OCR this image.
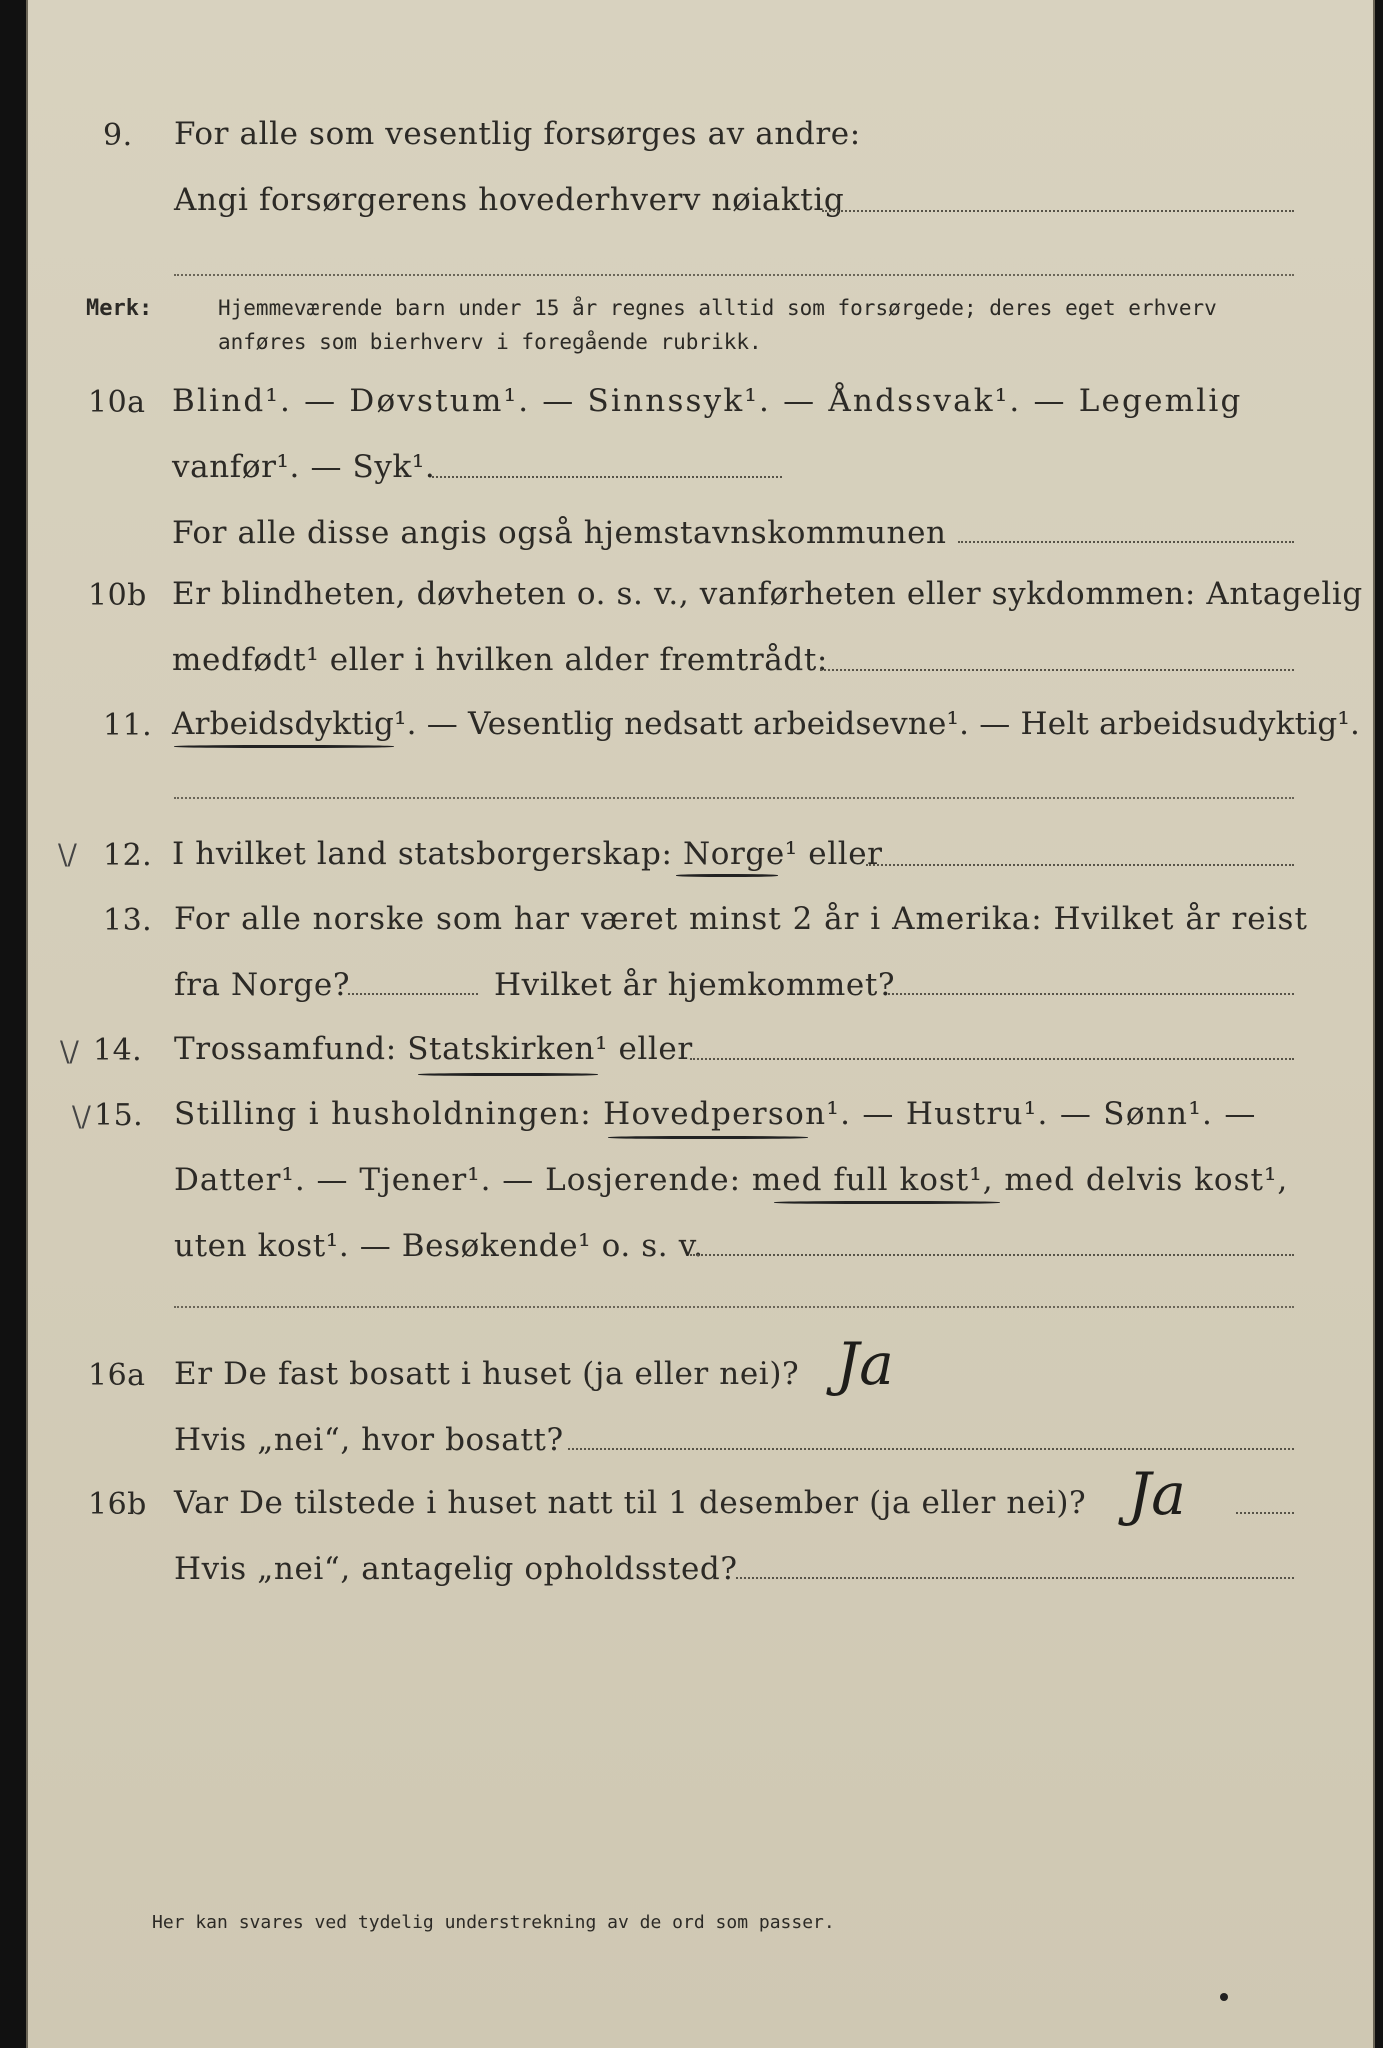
9. For alle som vesentlig forsørges av andre:
Angi forsørgerens hovederhverv nøiaktig
Merk:	Hjemmeværende barn under 15 år regnes alltid som forsørgede; deres eget erhverv
anføres som bierhverv i foregående rubrikk.
10a Blind¹. — Døvstum¹. — Sinnssyk¹. — Åndssvak¹. — Legemlig
vanfør¹. — Syk¹.
For alle disse angis også hjemstavnskommunen
10b Er blindheten, døvheten o. s. v., vanførheten eller sykdommen: Antagelig
medfødt¹ eller i hvilken alder fremtrådt:
11. Arbeidsdyktig¹. — Vesentlig nedsatt arbeidsevne¹. — Helt arbeidsudyktig¹.
\/ 12. I hvilket land statsborgerskap: Norge¹ eller
13. For alle norske som har været minst 2 år i Amerika: Hvilket år reist
fra Norge?	Hvilket år hjemkommet?
\/ 14. Trossamfund: Statskirken¹ eller
\/ 15. Stilling i husholdningen: Hovedperson¹. — Hustru¹. — Sønn¹. —
Datter¹. — Tjener¹. — Losjerende: med full kost¹, med delvis kost¹,
uten kost¹. — Besøkende¹ o. s. v.
16a Er De fast bosatt i huset (ja eller nei)? Ja
Hvis „nei“, hvor bosatt?
16b Var De tilstede i huset natt til 1 desember (ja eller nei)? Ja
Hvis „nei“, antagelig opholdssted?
Her kan svares ved tydelig understrekning av de ord som passer.
